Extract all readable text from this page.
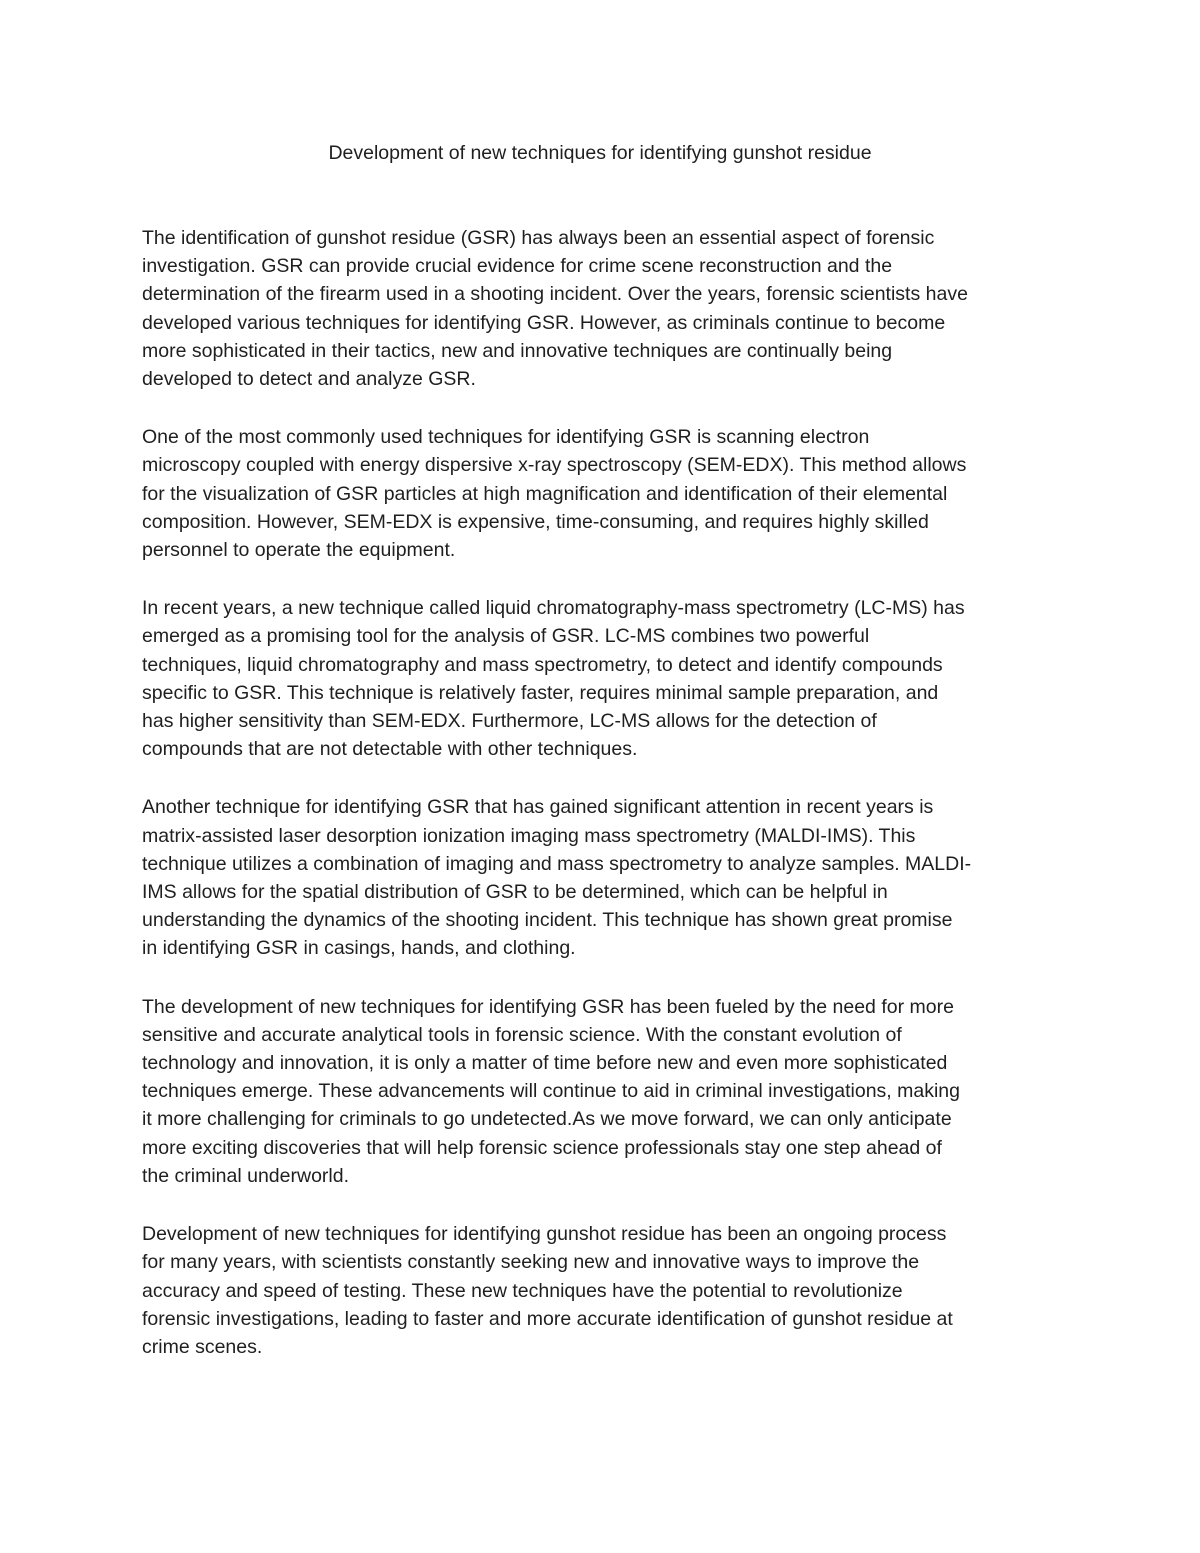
Development of new techniques for identifying gunshot residue

The identification of gunshot residue (GSR) has always been an essential aspect of forensic
investigation. GSR can provide crucial evidence for crime scene reconstruction and the
determination of the firearm used in a shooting incident. Over the years, forensic scientists have
developed various techniques for identifying GSR. However, as criminals continue to become
more sophisticated in their tactics, new and innovative techniques are continually being
developed to detect and analyze GSR.

One of the most commonly used techniques for identifying GSR is scanning electron
microscopy coupled with energy dispersive x-ray spectroscopy (SEM-EDX). This method allows
for the visualization of GSR particles at high magnification and identification of their elemental
composition. However, SEM-EDX is expensive, time-consuming, and requires highly skilled
personnel to operate the equipment.

In recent years, a new technique called liquid chromatography-mass spectrometry (LC-MS) has
emerged as a promising tool for the analysis of GSR. LC-MS combines two powerful
techniques, liquid chromatography and mass spectrometry, to detect and identify compounds
specific to GSR. This technique is relatively faster, requires minimal sample preparation, and
has higher sensitivity than SEM-EDX. Furthermore, LC-MS allows for the detection of
compounds that are not detectable with other techniques.

Another technique for identifying GSR that has gained significant attention in recent years is
matrix-assisted laser desorption ionization imaging mass spectrometry (MALDI-IMS). This
technique utilizes a combination of imaging and mass spectrometry to analyze samples. MALDI-
IMS allows for the spatial distribution of GSR to be determined, which can be helpful in
understanding the dynamics of the shooting incident. This technique has shown great promise
in identifying GSR in casings, hands, and clothing.

The development of new techniques for identifying GSR has been fueled by the need for more
sensitive and accurate analytical tools in forensic science. With the constant evolution of
technology and innovation, it is only a matter of time before new and even more sophisticated
techniques emerge. These advancements will continue to aid in criminal investigations, making
it more challenging for criminals to go undetected.As we move forward, we can only anticipate
more exciting discoveries that will help forensic science professionals stay one step ahead of
the criminal underworld.

Development of new techniques for identifying gunshot residue has been an ongoing process
for many years, with scientists constantly seeking new and innovative ways to improve the
accuracy and speed of testing. These new techniques have the potential to revolutionize
forensic investigations, leading to faster and more accurate identification of gunshot residue at
crime scenes.
